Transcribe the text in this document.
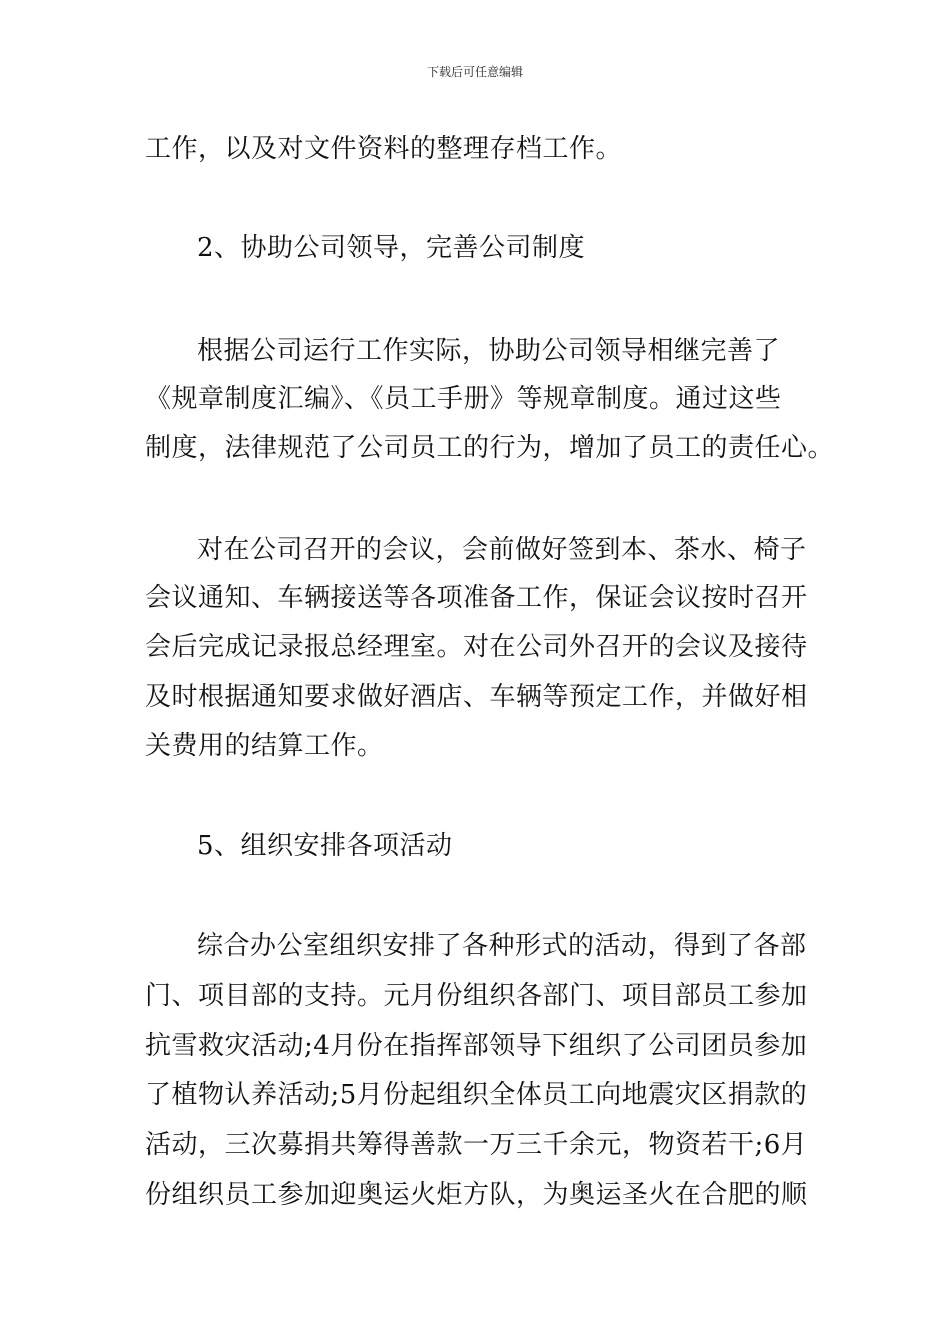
下载后可任意编辑
工作，以及对文件资料的整理存档工作。
2、协助公司领导，完善公司制度
根据公司运行工作实际，协助公司领导相继完善了
《规章制度汇编》、《员工手册》等规章制度。通过这些
制度，法律规范了公司员工的行为，增加了员工的责任心。
对在公司召开的会议，会前做好签到本、茶水、椅子
会议通知、车辆接送等各项准备工作，保证会议按时召开
会后完成记录报总经理室。对在公司外召开的会议及接待
及时根据通知要求做好酒店、车辆等预定工作，并做好相
关费用的结算工作。
5、组织安排各项活动
综合办公室组织安排了各种形式的活动，得到了各部
门、项目部的支持。元月份组织各部门、项目部员工参加
抗雪救灾活动;4月份在指挥部领导下组织了公司团员参加
了植物认养活动;5月份起组织全体员工向地震灾区捐款的
活动，三次募捐共筹得善款一万三千余元，物资若干;6月
份组织员工参加迎奥运火炬方队，为奥运圣火在合肥的顺
